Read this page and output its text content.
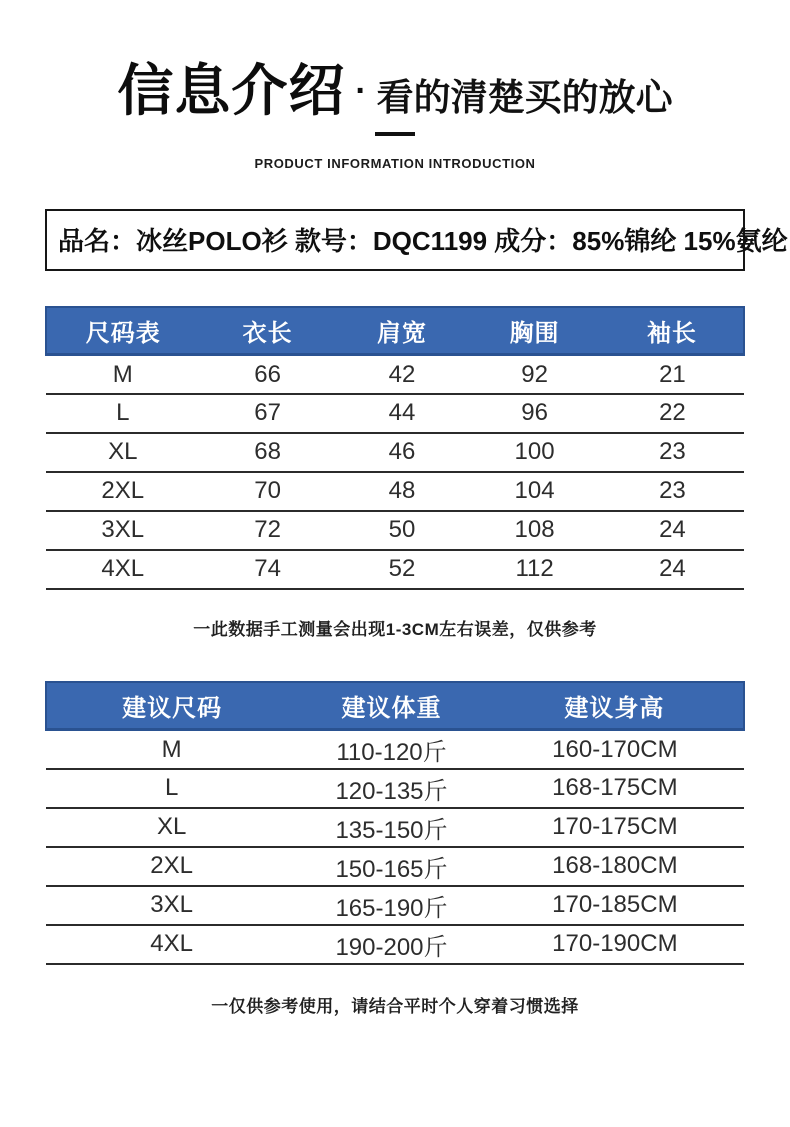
信息介绍 · 看的清楚买的放心
PRODUCT INFORMATION INTRODUCTION
品名：冰丝POLO衫 款号：DQC1199 成分：85%锦纶 15%氨纶
尺码表	衣长	肩宽	胸围	袖长
M	66	42	92	21
L	67	44	96	22
XL	68	46	100	23
2XL	70	48	104	23
3XL	72	50	108	24
4XL	74	52	112	24
一此数据手工测量会出现1-3CM左右误差，仅供参考
建议尺码	建议体重	建议身高
M	110-120斤	160-170CM
L	120-135斤	168-175CM
XL	135-150斤	170-175CM
2XL	150-165斤	168-180CM
3XL	165-190斤	170-185CM
4XL	190-200斤	170-190CM
一仅供参考使用，请结合平时个人穿着习惯选择
